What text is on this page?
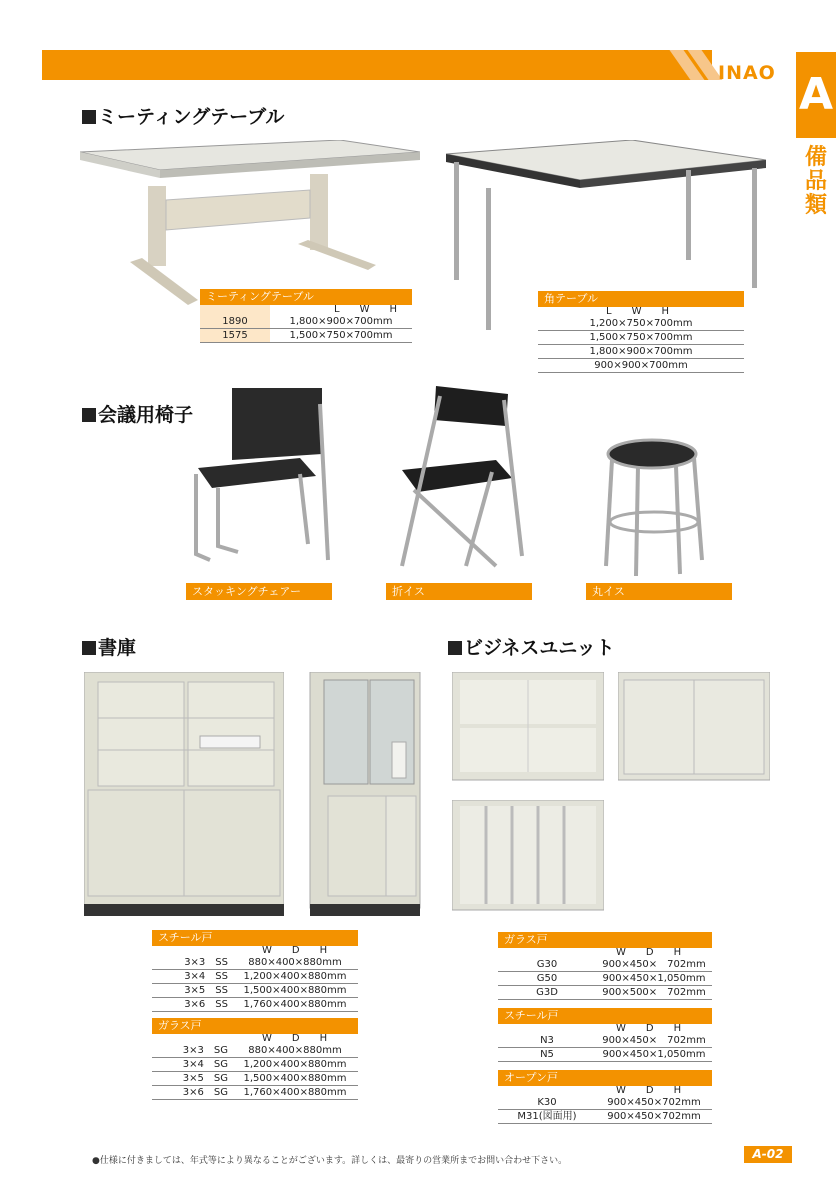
INAO A
備品類
ミーティングテーブル
ミーティングテーブル
	L　　W　　H
1890	1,800×900×700mm
1575	1,500×750×700mm
角テーブル
L　　W　　H
1,200×750×700mm
1,500×750×700mm
1,800×900×700mm
900×900×700mm
会議用椅子
スタッキングチェアー	折イス	丸イス
書庫	ビジネスユニット
スチール戸
	W　　D　　H
3×3　SS	880×400×880mm
3×4　SS	1,200×400×880mm
3×5　SS	1,500×400×880mm
3×6　SS	1,760×400×880mm
ガラス戸
	W　　D　　H
3×3　SG	880×400×880mm
3×4　SG	1,200×400×880mm
3×5　SG	1,500×400×880mm
3×6　SG	1,760×400×880mm
ガラス戸
	W　　D　　H
G30	900×450×　702mm
G50	900×450×1,050mm
G3D	900×500×　702mm
スチール戸
	W　　D　　H
N3	900×450×　702mm
N5	900×450×1,050mm
オープン戸
	W　　D　　H
K30	900×450×702mm
M31(図面用)	900×450×702mm
●仕様に付きましては、年式等により異なることがございます。詳しくは、最寄りの営業所までお問い合わせ下さい。	A-02
